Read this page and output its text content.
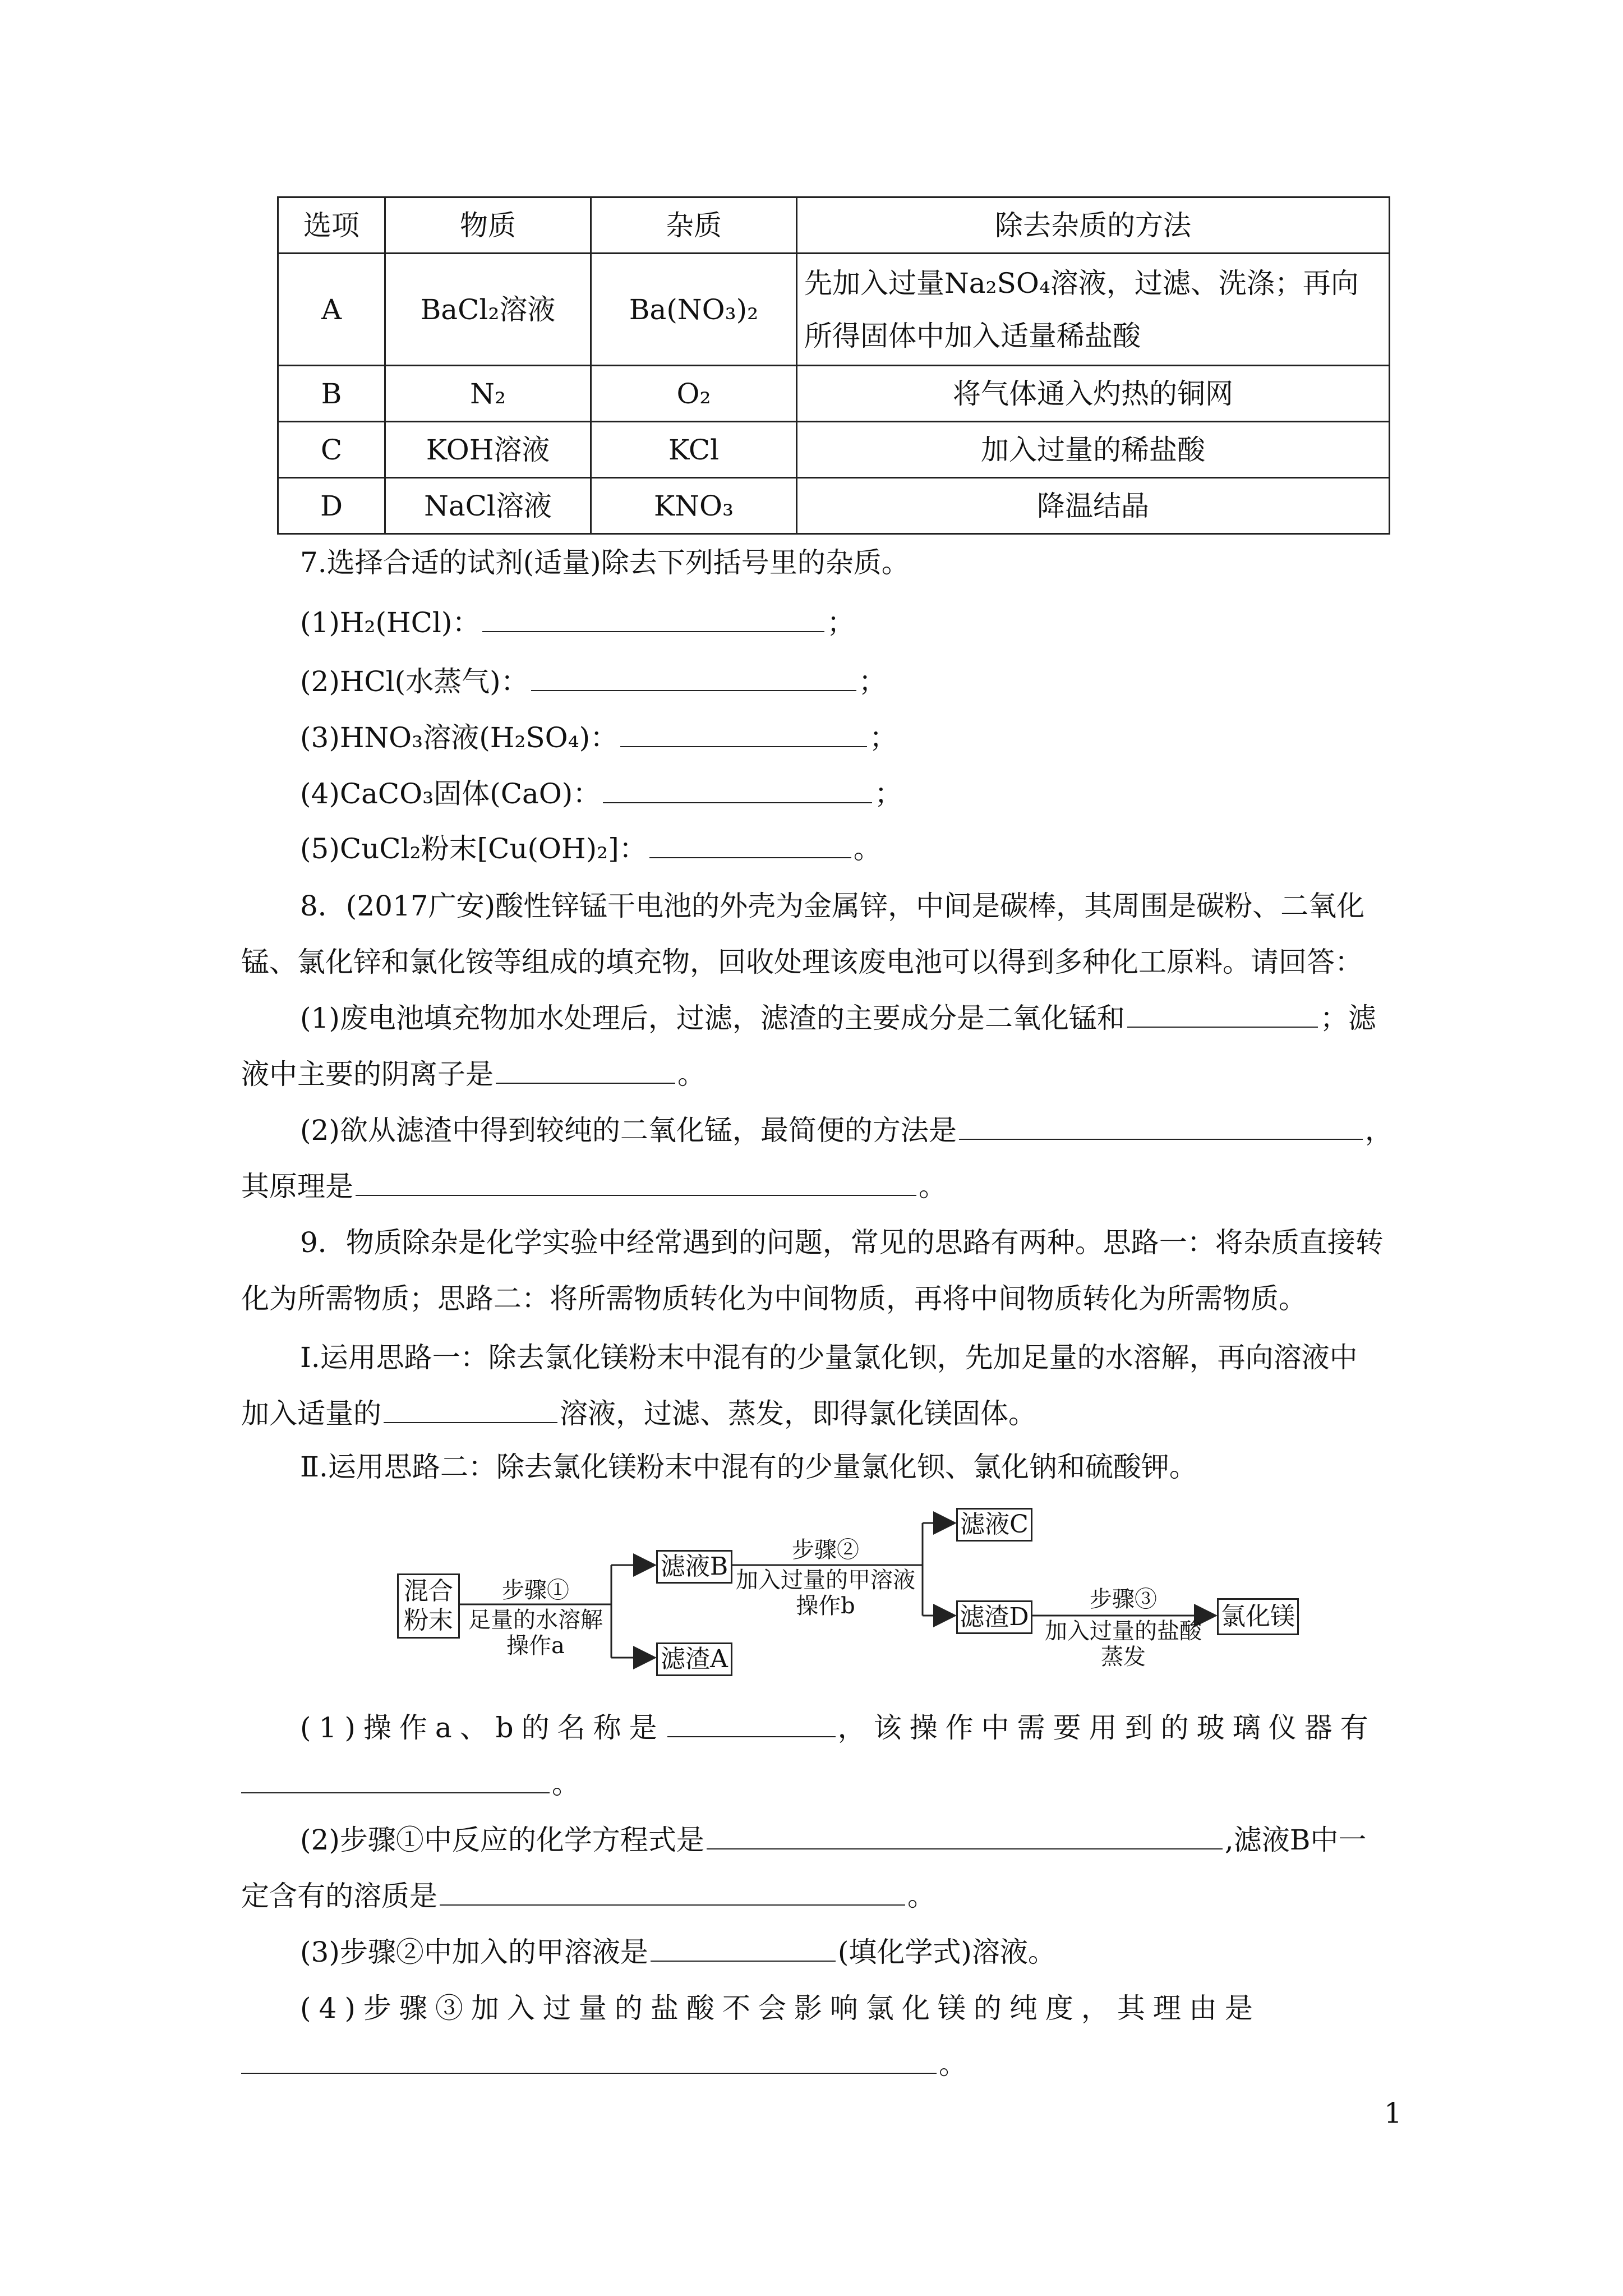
选项	物质	杂质	除去杂质的方法
A	BaCl₂溶液	Ba(NO₃)₂	先加入过量Na₂SO₄溶液，过滤、洗涤；再向
所得固体中加入适量稀盐酸

B	N₂	O₂	将气体通入灼热的铜网
C	KOH溶液	KCl	加入过量的稀盐酸
D	NaCl溶液	KNO₃	降温结晶
7.选择合适的试剂(适量)除去下列括号里的杂质。
(1)H₂(HCl)：	；
(2)HCl(水蒸气)：	；
(3)HNO₃溶液(H₂SO₄)：	；
(4)CaCO₃固体(CaO)：	；
(5)CuCl₂粉末[Cu(OH)₂]：	。
8．(2017广安)酸性锌锰干电池的外壳为金属锌，中间是碳棒，其周围是碳粉、二氧化
锰、氯化锌和氯化铵等组成的填充物，回收处理该废电池可以得到多种化工原料。请回答：
(1)废电池填充物加水处理后，过滤，滤渣的主要成分是二氧化锰和	；滤
液中主要的阴离子是	。
(2)欲从滤渣中得到较纯的二氧化锰，最简便的方法是	，
其原理是	。
9．物质除杂是化学实验中经常遇到的问题，常见的思路有两种。思路一：将杂质直接转
化为所需物质；思路二：将所需物质转化为中间物质，再将中间物质转化为所需物质。
Ⅰ.运用思路一：除去氯化镁粉末中混有的少量氯化钡，先加足量的水溶解，再向溶液中
加入适量的	溶液，过滤、蒸发，即得氯化镁固体。
Ⅱ.运用思路二：除去氯化镁粉末中混有的少量氯化钡、氯化钠和硫酸钾。
混合粉末
步骤①
足量的水溶解
操作a
滤液B
滤渣A
步骤②
加入过量的甲溶液
操作b
滤液C
滤渣D
步骤③
加入过量的盐酸
蒸发
氯化镁
(1)操作a、b的名称是	，该操作中需要用到的玻璃仪器有
。
(2)步骤①中反应的化学方程式是	,滤液B中一
定含有的溶质是	。
(3)步骤②中加入的甲溶液是	(填化学式)溶液。
(4)步骤③加入过量的盐酸不会影响氯化镁的纯度，其理由是
。
1
